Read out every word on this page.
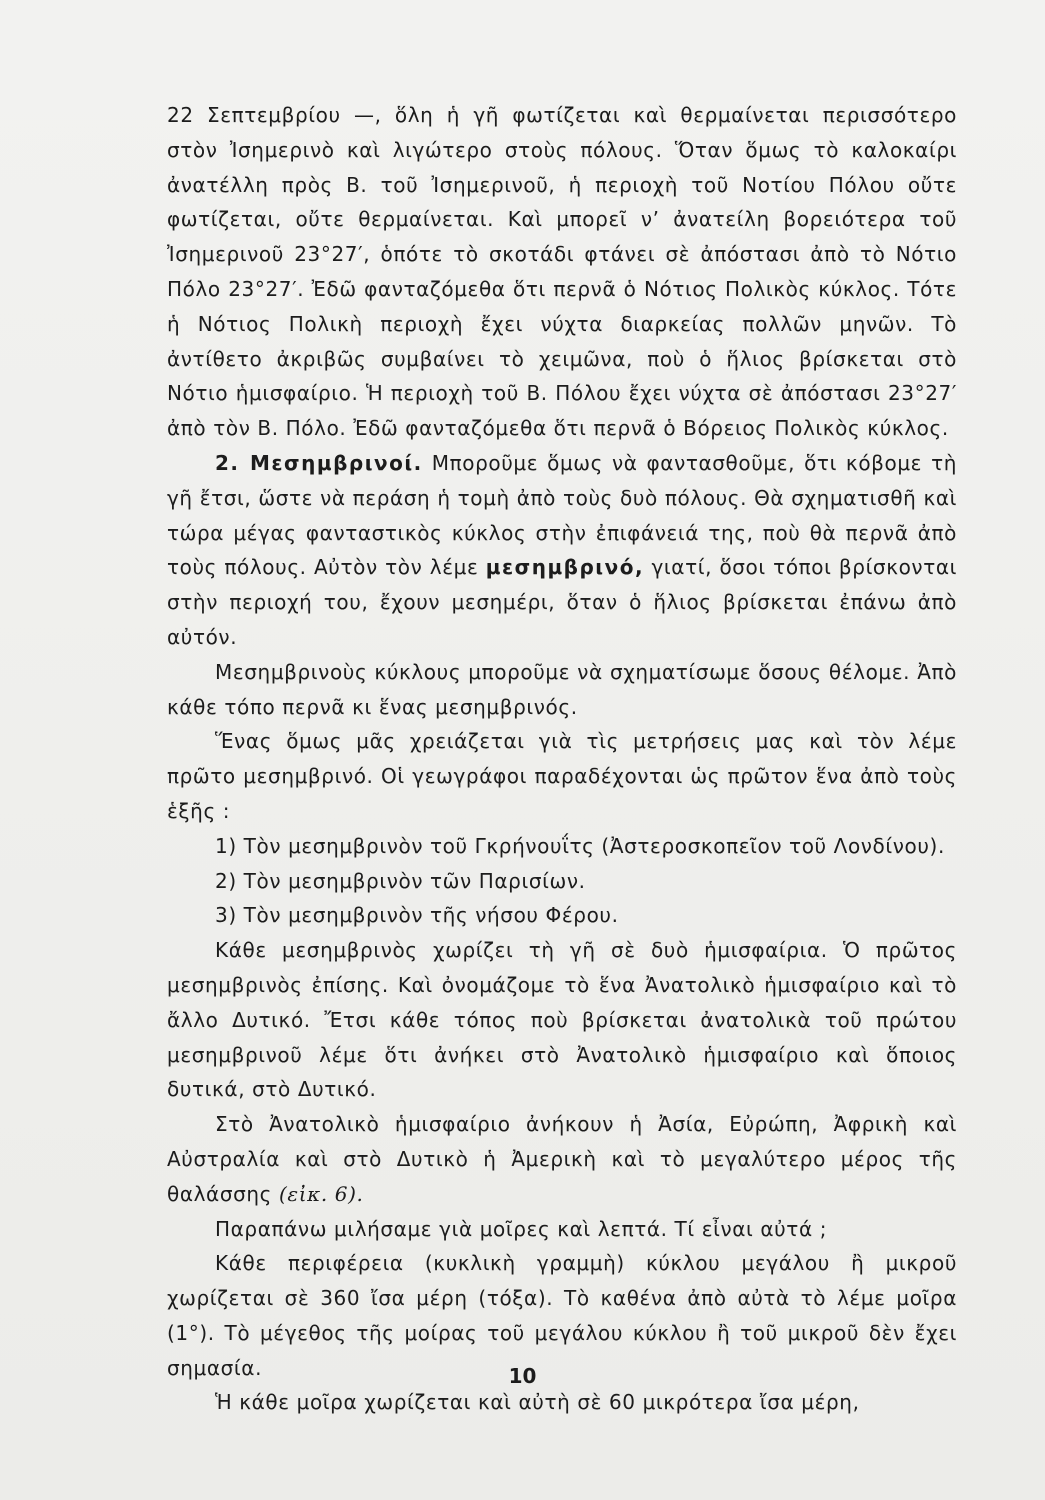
22 Σεπτεμβρίου —, ὅλη ἡ γῆ φωτίζεται καὶ θερμαίνεται περισσότερο στὸν Ἰσημερινὸ καὶ λιγώτερο στοὺς πόλους. Ὅταν ὅμως τὸ καλοκαίρι ἀνατέλλη πρὸς Β. τοῦ Ἰσημερινοῦ, ἡ περιοχὴ τοῦ Νοτίου Πόλου οὔτε φωτίζεται, οὔτε θερμαίνεται. Καὶ μπορεῖ ν’ ἀνατείλη βορειότερα τοῦ Ἰσημερινοῦ 23°27′, ὁπότε τὸ σκοτάδι φτάνει σὲ ἀπόστασι ἀπὸ τὸ Νότιο Πόλο 23°27′. Ἐδῶ φανταζόμεθα ὅτι περνᾶ ὁ Νότιος Πολικὸς κύκλος. Τότε ἡ Νότιος Πολικὴ περιοχὴ ἔχει νύχτα διαρκείας πολλῶν μηνῶν. Τὸ ἀντίθετο ἀκριβῶς συμβαίνει τὸ χειμῶνα, ποὺ ὁ ἥλιος βρίσκεται στὸ Νότιο ἡμισφαίριο. Ἡ περιοχὴ τοῦ Β. Πόλου ἔχει νύχτα σὲ ἀπόστασι 23°27′ ἀπὸ τὸν Β. Πόλο. Ἐδῶ φανταζόμεθα ὅτι περνᾶ ὁ Βόρειος Πολικὸς κύκλος.

2. Μεσημβρινοί. Μποροῦμε ὅμως νὰ φαντασθοῦμε, ὅτι κόβομε τὴ γῆ ἔτσι, ὥστε νὰ περάση ἡ τομὴ ἀπὸ τοὺς δυὸ πόλους. Θὰ σχηματισθῆ καὶ τώρα μέγας φανταστικὸς κύκλος στὴν ἐπιφάνειά της, ποὺ θὰ περνᾶ ἀπὸ τοὺς πόλους. Αὐτὸν τὸν λέμε μεσημβρινό, γιατί, ὅσοι τόποι βρίσκονται στὴν περιοχή του, ἔχουν μεσημέρι, ὅταν ὁ ἥλιος βρίσκεται ἐπάνω ἀπὸ αὐτόν.

Μεσημβρινοὺς κύκλους μποροῦμε νὰ σχηματίσωμε ὅσους θέλομε. Ἀπὸ κάθε τόπο περνᾶ κι ἕνας μεσημβρινός.

Ἕνας ὅμως μᾶς χρειάζεται γιὰ τὶς μετρήσεις μας καὶ τὸν λέμε πρῶτο μεσημβρινό. Οἱ γεωγράφοι παραδέχονται ὡς πρῶτον ἕνα ἀπὸ τοὺς ἑξῆς :

1) Τὸν μεσημβρινὸν τοῦ Γκρήνουΐτς (Ἀστεροσκοπεῖον τοῦ Λονδίνου).

2) Τὸν μεσημβρινὸν τῶν Παρισίων.

3) Τὸν μεσημβρινὸν τῆς νήσου Φέρου.

Κάθε μεσημβρινὸς χωρίζει τὴ γῆ σὲ δυὸ ἡμισφαίρια. Ὁ πρῶτος μεσημβρινὸς ἐπίσης. Καὶ ὀνομάζομε τὸ ἕνα Ἀνατολικὸ ἡμισφαίριο καὶ τὸ ἄλλο Δυτικό. Ἔτσι κάθε τόπος ποὺ βρίσκεται ἀνατολικὰ τοῦ πρώτου μεσημβρινοῦ λέμε ὅτι ἀνήκει στὸ Ἀνατολικὸ ἡμισφαίριο καὶ ὅποιος δυτικά, στὸ Δυτικό.

Στὸ Ἀνατολικὸ ἡμισφαίριο ἀνήκουν ἡ Ἀσία, Εὐρώπη, Ἀφρικὴ καὶ Αὐστραλία καὶ στὸ Δυτικὸ ἡ Ἀμερικὴ καὶ τὸ μεγαλύτερο μέρος τῆς θαλάσσης (εἰκ. 6).

Παραπάνω μιλήσαμε γιὰ μοῖρες καὶ λεπτά. Τί εἶναι αὐτά ;

Κάθε περιφέρεια (κυκλικὴ γραμμὴ) κύκλου μεγάλου ἢ μικροῦ χωρίζεται σὲ 360 ἴσα μέρη (τόξα). Τὸ καθένα ἀπὸ αὐτὰ τὸ λέμε μοῖρα (1°). Τὸ μέγεθος τῆς μοίρας τοῦ μεγάλου κύκλου ἢ τοῦ μικροῦ δὲν ἔχει σημασία.

Ἡ κάθε μοῖρα χωρίζεται καὶ αὐτὴ σὲ 60 μικρότερα ἴσα μέρη,

10
